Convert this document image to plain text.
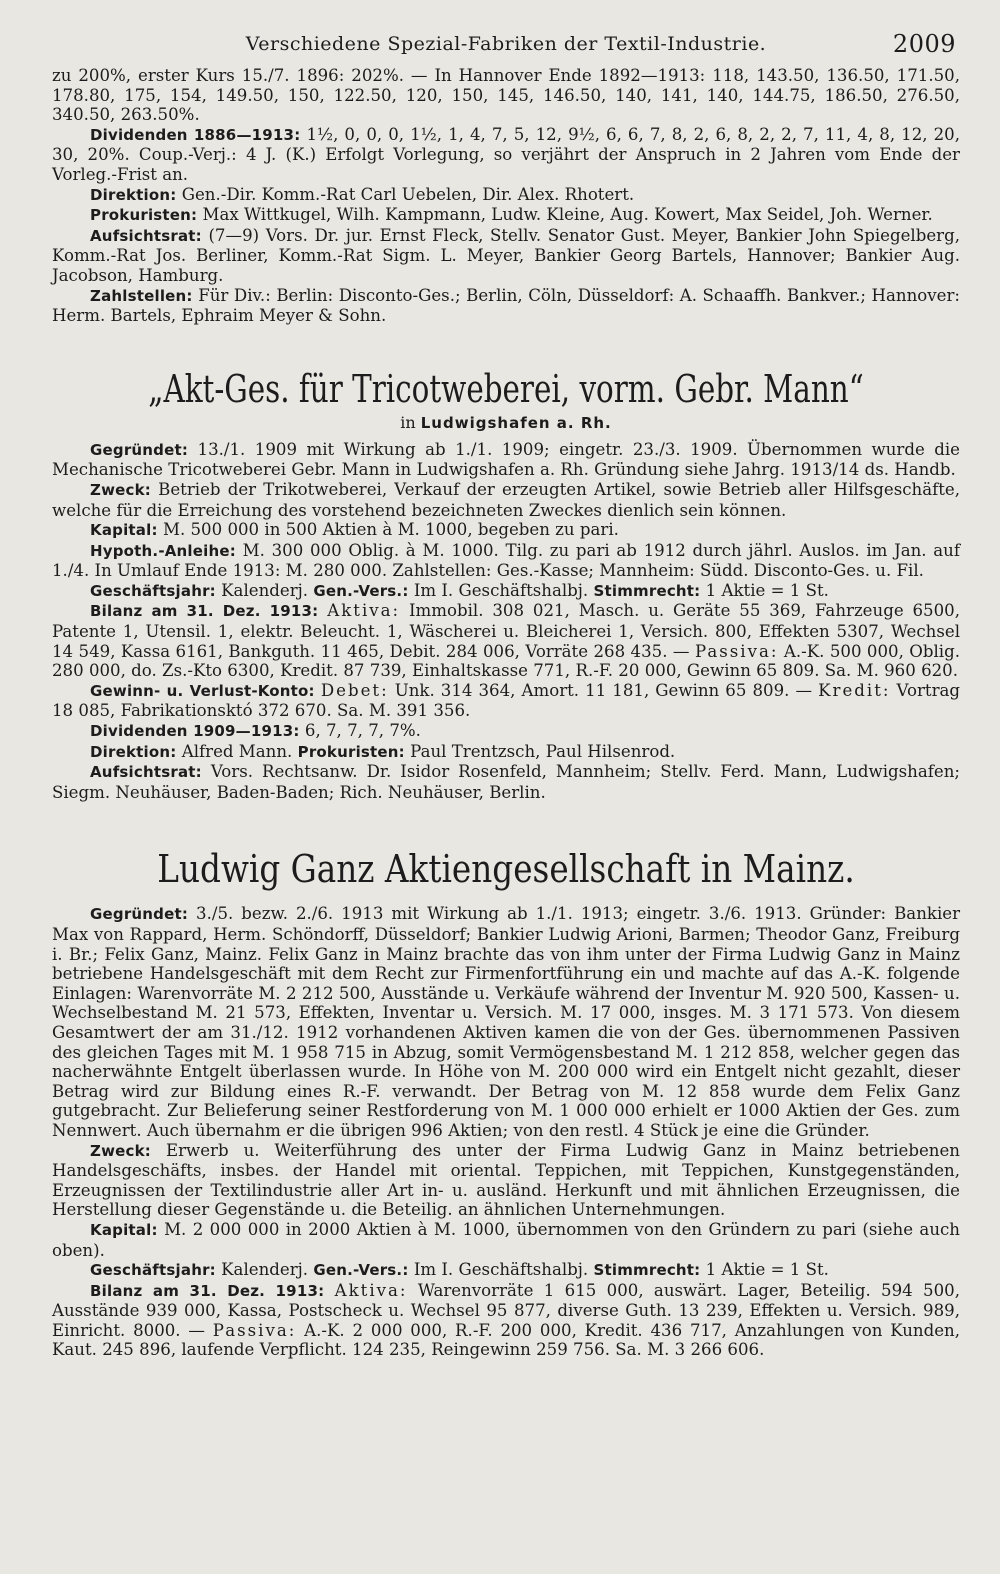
Verschiedene Spezial-Fabriken der Textil-Industrie.	2009

zu 200%, erster Kurs 15./7. 1896: 202%. — In Hannover Ende 1892—1913: 118, 143.50, 136.50, 171.50, 178.80, 175, 154, 149.50, 150, 122.50, 120, 150, 145, 146.50, 140, 141, 140, 144.75, 186.50, 276.50, 340.50, 263.50%.

Dividenden 1886—1913: 1½, 0, 0, 0, 1½, 1, 4, 7, 5, 12, 9½, 6, 6, 7, 8, 2, 6, 8, 2, 2, 7, 11, 4, 8, 12, 20, 30, 20%. Coup.-Verj.: 4 J. (K.) Erfolgt Vorlegung, so verjährt der Anspruch in 2 Jahren vom Ende der Vorleg.-Frist an.

Direktion: Gen.-Dir. Komm.-Rat Carl Uebelen, Dir. Alex. Rhotert.

Prokuristen: Max Wittkugel, Wilh. Kampmann, Ludw. Kleine, Aug. Kowert, Max Seidel, Joh. Werner.

Aufsichtsrat: (7—9) Vors. Dr. jur. Ernst Fleck, Stellv. Senator Gust. Meyer, Bankier John Spiegelberg, Komm.-Rat Jos. Berliner, Komm.-Rat Sigm. L. Meyer, Bankier Georg Bartels, Hannover; Bankier Aug. Jacobson, Hamburg.

Zahlstellen: Für Div.: Berlin: Disconto-Ges.; Berlin, Cöln, Düsseldorf: A. Schaaffh. Bankver.; Hannover: Herm. Bartels, Ephraim Meyer & Sohn.

„Akt-Ges. für Tricotweberei, vorm. Gebr. Mann“
in Ludwigshafen a. Rh.

Gegründet: 13./1. 1909 mit Wirkung ab 1./1. 1909; eingetr. 23./3. 1909. Übernommen wurde die Mechanische Tricotweberei Gebr. Mann in Ludwigshafen a. Rh. Gründung siehe Jahrg. 1913/14 ds. Handb.

Zweck: Betrieb der Trikotweberei, Verkauf der erzeugten Artikel, sowie Betrieb aller Hilfsgeschäfte, welche für die Erreichung des vorstehend bezeichneten Zweckes dienlich sein können.

Kapital: M. 500 000 in 500 Aktien à M. 1000, begeben zu pari.

Hypoth.-Anleihe: M. 300 000 Oblig. à M. 1000. Tilg. zu pari ab 1912 durch jährl. Auslos. im Jan. auf 1./4. In Umlauf Ende 1913: M. 280 000. Zahlstellen: Ges.-Kasse; Mannheim: Südd. Disconto-Ges. u. Fil.

Geschäftsjahr: Kalenderj. Gen.-Vers.: Im I. Geschäftshalbj. Stimmrecht: 1 Aktie = 1 St.

Bilanz am 31. Dez. 1913: Aktiva: Immobil. 308 021, Masch. u. Geräte 55 369, Fahrzeuge 6500, Patente 1, Utensil. 1, elektr. Beleucht. 1, Wäscherei u. Bleicherei 1, Versich. 800, Effekten 5307, Wechsel 14 549, Kassa 6161, Bankguth. 11 465, Debit. 284 006, Vorräte 268 435. — Passiva: A.-K. 500 000, Oblig. 280 000, do. Zs.-Kto 6300, Kredit. 87 739, Einhaltskasse 771, R.-F. 20 000, Gewinn 65 809. Sa. M. 960 620.

Gewinn- u. Verlust-Konto: Debet: Unk. 314 364, Amort. 11 181, Gewinn 65 809. — Kredit: Vortrag 18 085, Fabrikationsktó 372 670. Sa. M. 391 356.

Dividenden 1909—1913: 6, 7, 7, 7, 7%.

Direktion: Alfred Mann. Prokuristen: Paul Trentzsch, Paul Hilsenrod.

Aufsichtsrat: Vors. Rechtsanw. Dr. Isidor Rosenfeld, Mannheim; Stellv. Ferd. Mann, Ludwigshafen; Siegm. Neuhäuser, Baden-Baden; Rich. Neuhäuser, Berlin.

Ludwig Ganz Aktiengesellschaft in Mainz.

Gegründet: 3./5. bezw. 2./6. 1913 mit Wirkung ab 1./1. 1913; eingetr. 3./6. 1913. Gründer: Bankier Max von Rappard, Herm. Schöndorff, Düsseldorf; Bankier Ludwig Arioni, Barmen; Theodor Ganz, Freiburg i. Br.; Felix Ganz, Mainz. Felix Ganz in Mainz brachte das von ihm unter der Firma Ludwig Ganz in Mainz betriebene Handelsgeschäft mit dem Recht zur Firmenfortführung ein und machte auf das A.-K. folgende Einlagen: Warenvorräte M. 2 212 500, Ausstände u. Verkäufe während der Inventur M. 920 500, Kassen- u. Wechselbestand M. 21 573, Effekten, Inventar u. Versich. M. 17 000, insges. M. 3 171 573. Von diesem Gesamtwert der am 31./12. 1912 vorhandenen Aktiven kamen die von der Ges. übernommenen Passiven des gleichen Tages mit M. 1 958 715 in Abzug, somit Vermögensbestand M. 1 212 858, welcher gegen das nacherwähnte Entgelt überlassen wurde. In Höhe von M. 200 000 wird ein Entgelt nicht gezahlt, dieser Betrag wird zur Bildung eines R.-F. verwandt. Der Betrag von M. 12 858 wurde dem Felix Ganz gutgebracht. Zur Belieferung seiner Restforderung von M. 1 000 000 erhielt er 1000 Aktien der Ges. zum Nennwert. Auch übernahm er die übrigen 996 Aktien; von den restl. 4 Stück je eine die Gründer.

Zweck: Erwerb u. Weiterführung des unter der Firma Ludwig Ganz in Mainz betriebenen Handelsgeschäfts, insbes. der Handel mit oriental. Teppichen, mit Teppichen, Kunstgegenständen, Erzeugnissen der Textilindustrie aller Art in- u. ausländ. Herkunft und mit ähnlichen Erzeugnissen, die Herstellung dieser Gegenstände u. die Beteilig. an ähnlichen Unternehmungen.

Kapital: M. 2 000 000 in 2000 Aktien à M. 1000, übernommen von den Gründern zu pari (siehe auch oben).

Geschäftsjahr: Kalenderj. Gen.-Vers.: Im I. Geschäftshalbj. Stimmrecht: 1 Aktie = 1 St.

Bilanz am 31. Dez. 1913: Aktiva: Warenvorräte 1 615 000, auswärt. Lager, Beteilig. 594 500, Ausstände 939 000, Kassa, Postscheck u. Wechsel 95 877, diverse Guth. 13 239, Effekten u. Versich. 989, Einricht. 8000. — Passiva: A.-K. 2 000 000, R.-F. 200 000, Kredit. 436 717, Anzahlungen von Kunden, Kaut. 245 896, laufende Verpflicht. 124 235, Reingewinn 259 756. Sa. M. 3 266 606.
